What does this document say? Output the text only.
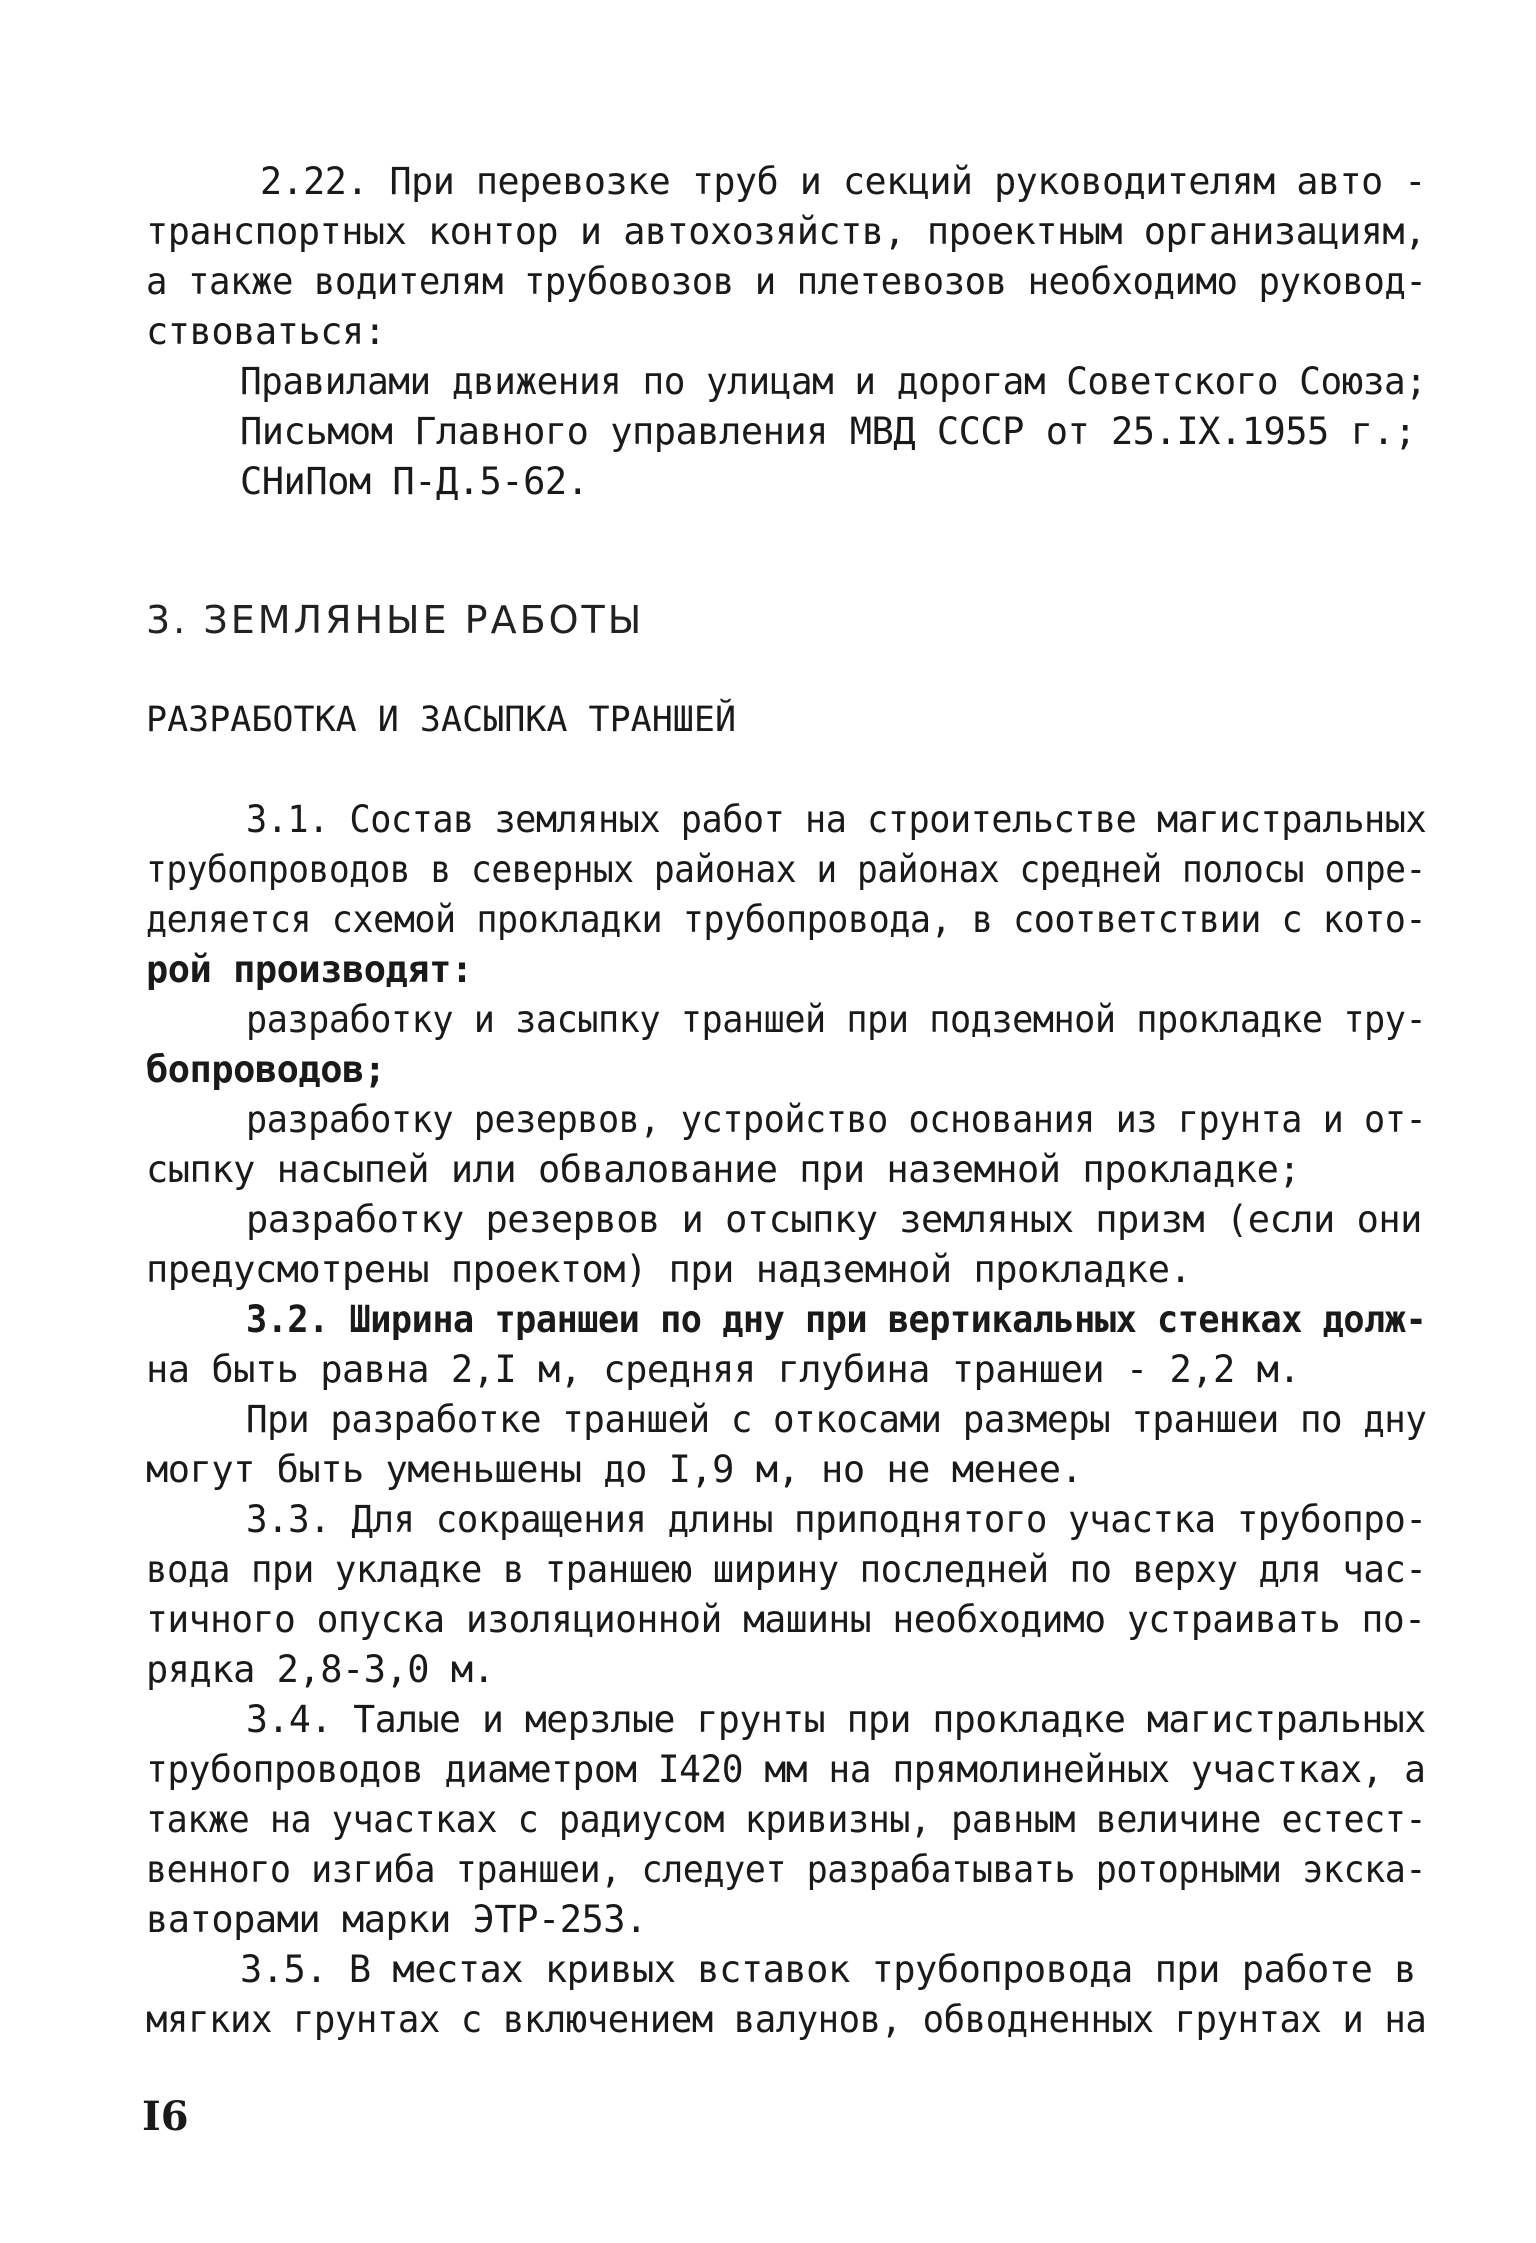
2.22. При перевозке труб и секций руководителям авто -
транспортных контор и автохозяйств, проектным организациям,
а также водителям трубовозов и плетевозов необходимо руковод-
ствоваться:
Правилами движения по улицам и дорогам Советского Союза;
Письмом Главного управления МВД СССР от 25.IX.1955 г.;
СНиПом П-Д.5-62.
3. ЗЕМЛЯНЫЕ РАБОТЫ
РАЗРАБОТКА И ЗАСЫПКА ТРАНШЕЙ
3.1. Состав земляных работ на строительстве магистральных
трубопроводов в северных районах и районах средней полосы опре-
деляется схемой прокладки трубопровода, в соответствии с кото-
рой производят:
разработку и засыпку траншей при подземной прокладке тру-
бопроводов;
разработку резервов, устройство основания из грунта и от-
сыпку насыпей или обвалование при наземной прокладке;
разработку резервов и отсыпку земляных призм (если они
предусмотрены проектом) при надземной прокладке.
3.2. Ширина траншеи по дну при вертикальных стенках долж-
на быть равна 2,I м, средняя глубина траншеи - 2,2 м.
При разработке траншей с откосами размеры траншеи по дну
могут быть уменьшены до I,9 м, но не менее.
3.3. Для сокращения длины приподнятого участка трубопро-
вода при укладке в траншею ширину последней по верху для час-
тичного опуска изоляционной машины необходимо устраивать по-
рядка 2,8-3,0 м.
3.4. Талые и мерзлые грунты при прокладке магистральных
трубопроводов диаметром I420 мм на прямолинейных участках, а
также на участках с радиусом кривизны, равным величине естест-
венного изгиба траншеи, следует разрабатывать роторными экска-
ваторами марки ЭТР-253.
3.5. В местах кривых вставок трубопровода при работе в
мягких грунтах с включением валунов, обводненных грунтах и на
I6
